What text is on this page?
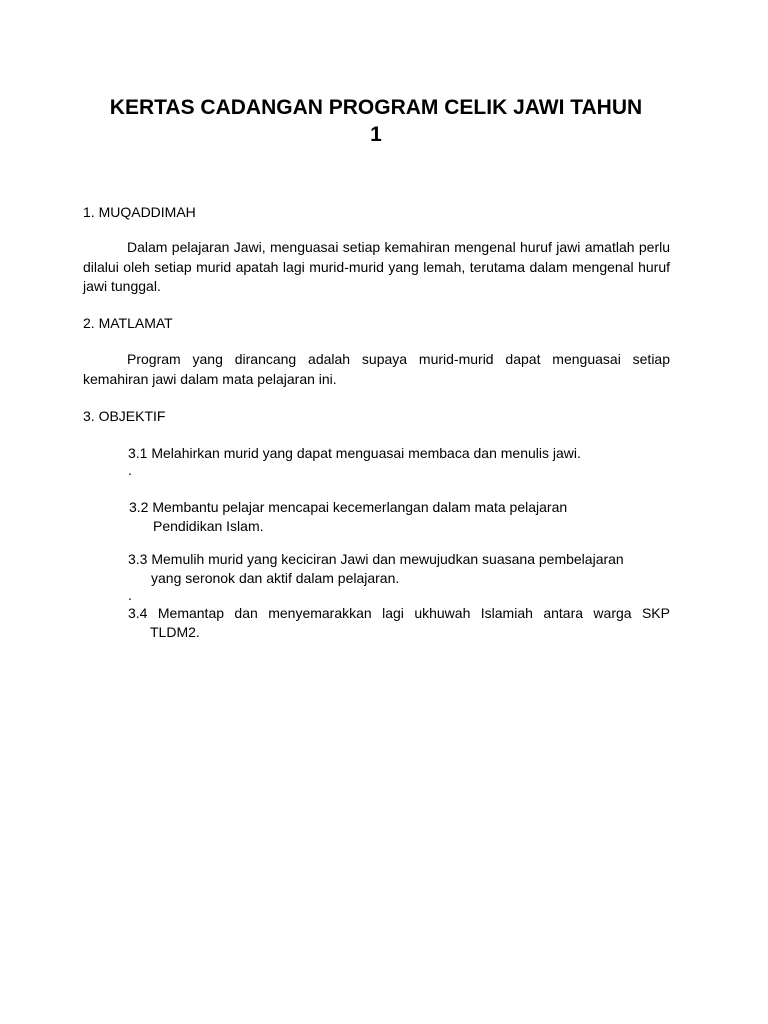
KERTAS CADANGAN PROGRAM CELIK JAWI TAHUN
1

1. MUQADDIMAH

Dalam pelajaran Jawi, menguasai setiap kemahiran mengenal huruf jawi amatlah perlu dilalui oleh setiap murid apatah lagi murid-murid yang lemah, terutama dalam mengenal huruf jawi tunggal.

2. MATLAMAT

Program yang dirancang adalah supaya murid-murid dapat menguasai setiap kemahiran jawi dalam mata pelajaran ini.

3. OBJEKTIF

3.1 Melahirkan murid yang dapat menguasai membaca dan menulis jawi.

.

3.2 Membantu pelajar mencapai kecemerlangan dalam mata pelajaran
Pendidikan Islam.

3.3 Memulih murid yang keciciran Jawi dan mewujudkan suasana pembelajaran
yang seronok dan aktif dalam pelajaran.

.

3.4 Memantap dan menyemarakkan lagi ukhuwah Islamiah antara warga SKP
TLDM2.
